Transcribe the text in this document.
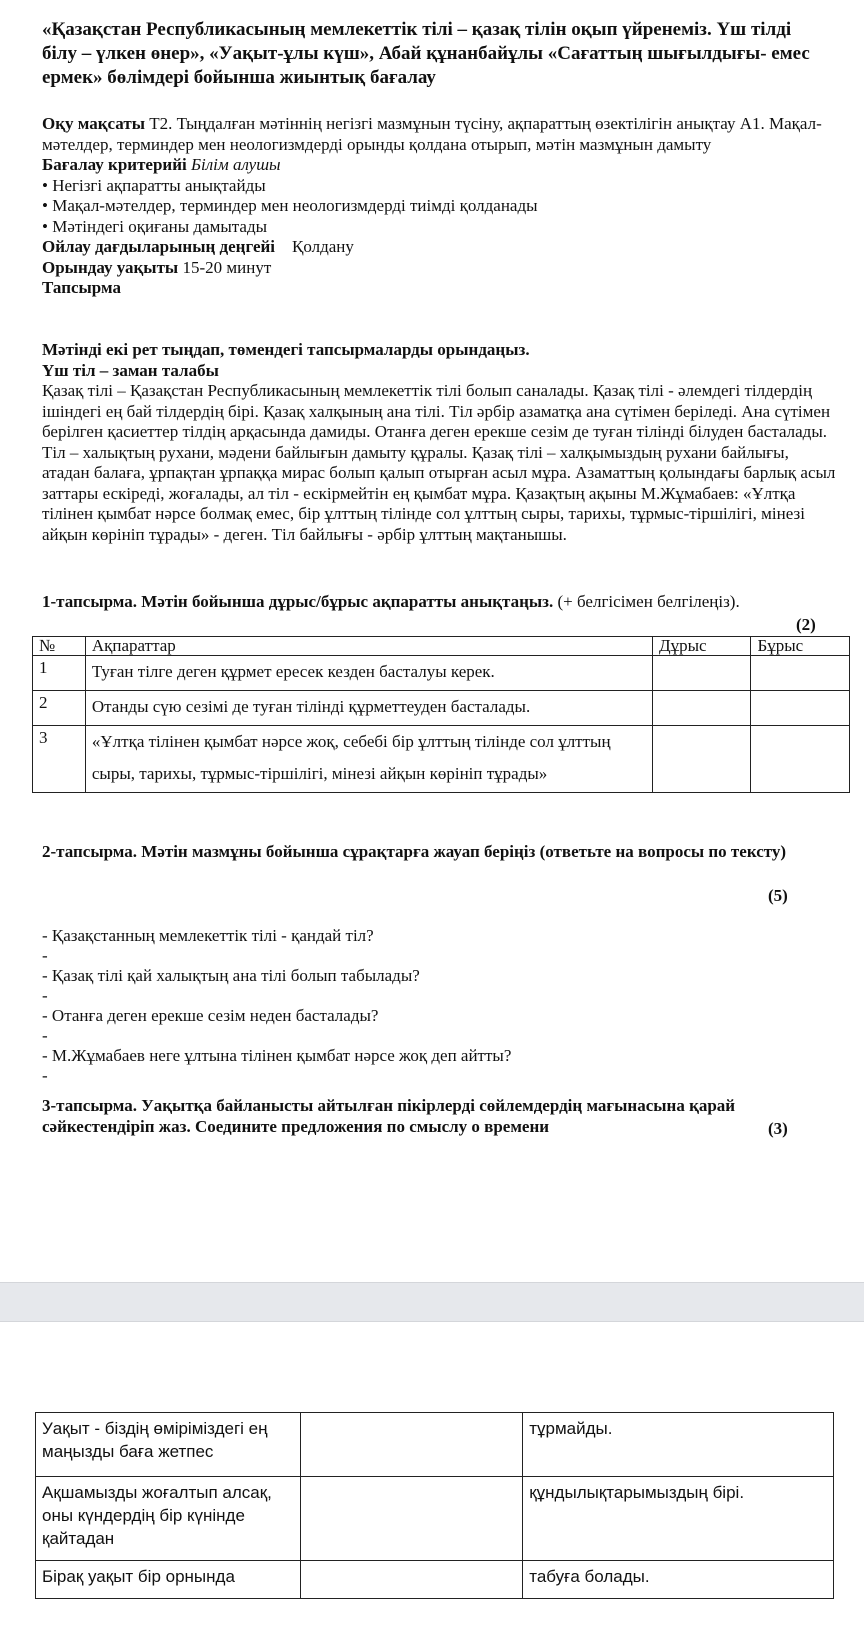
«Қазақстан Республикасының мемлекеттік тілі – қазақ тілін оқып үйренеміз. Үш тілді білу – үлкен өнер», «Уақыт-ұлы күш», Абай құнанбайұлы «Сағаттың шығылдығы- емес ермек» бөлімдері бойынша жиынтық бағалау

Оқу мақсаты Т2. Тыңдалған мәтіннің негізгі мазмұнын түсіну, ақпараттың өзектілігін анықтау А1. Мақал-мәтелдер, терминдер мен неологизмдерді орынды қолдана отырып, мәтін мазмұнын дамыту

Бағалау критерийі Білім алушы

• Негізгі ақпаратты анықтайды

• Мақал-мәтелдер, терминдер мен неологизмдерді тиімді қолданады

• Мәтіндегі оқиғаны дамытады

Ойлау дағдыларының деңгейі Қолдану

Орындау уақыты 15-20 минут

Тапсырма

Мәтінді екі рет тыңдап, төмендегі тапсырмаларды орындаңыз.

Үш тіл – заман талабы

Қазақ тілі – Қазақстан Республикасының мемлекеттік тілі болып саналады. Қазақ тілі - әлемдегі тілдердің ішіндегі ең бай тілдердің бірі. Қазақ халқының ана тілі. Тіл әрбір азаматқа ана сүтімен беріледі. Ана сүтімен берілген қасиеттер тілдің арқасында дамиды. Отанға деген ерекше сезім де туған тілінді білуден басталады. Тіл – халықтың рухани, мәдени байлығын дамыту құралы. Қазақ тілі – халқымыздың рухани байлығы, атадан балаға, ұрпақтан ұрпаққа мирас болып қалып отырған асыл мұра. Азаматтың қолындағы барлық асыл заттары ескіреді, жоғалады, ал тіл - ескірмейтін ең қымбат мұра. Қазақтың ақыны М.Жұмабаев: «Ұлтқа тілінен қымбат нәрсе болмақ емес, бір ұлттың тілінде сол ұлттың сыры, тарихы, тұрмыс-тіршілігі, мінезі айқын көрініп тұрады» - деген. Тіл байлығы - әрбір ұлттың мақтанышы.

1-тапсырма. Мәтін бойынша дұрыс/бұрыс ақпаратты анықтаңыз. (+ белгісімен белгілеңіз).
(2)
№	Ақпараттар	Дұрыс	Бұрыс
1	Туған тілге деген құрмет ересек кезден басталуы керек.		
2	Отанды сүю сезімі де туған тілінді құрметтеуден басталады.		
3	«Ұлтқа тілінен қымбат нәрсе жоқ, себебі бір ұлттың тілінде сол ұлттың сыры, тарихы, тұрмыс-тіршілігі, мінезі айқын көрініп тұрады»		
2-тапсырма. Мәтін мазмұны бойынша сұрақтарға жауап беріңіз (ответьте на вопросы по тексту)
(5)

- Қазақстанның мемлекеттік тілі - қандай тіл?

-

- Қазақ тілі қай халықтың ана тілі болып табылады?

-

- Отанға деген ерекше сезім неден басталады?

-

- М.Жұмабаев неге ұлтына тілінен қымбат нәрсе жоқ деп айтты?

-

3-тапсырма. Уақытқа байланысты айтылған пікірлерді сөйлемдердің мағынасына қарай сәйкестендіріп жаз. Соедините предложения по смыслу о времени	(3)
Уақыт - біздің өмірімiздегі ең маңызды баға жетпес		тұрмайды.
Ақшамызды жоғалтып алсақ, оны күндердің бір күнінде қайтадан		құндылықтарымыздың бірі.
Бірақ уақыт бір орнында		табуға болады.
